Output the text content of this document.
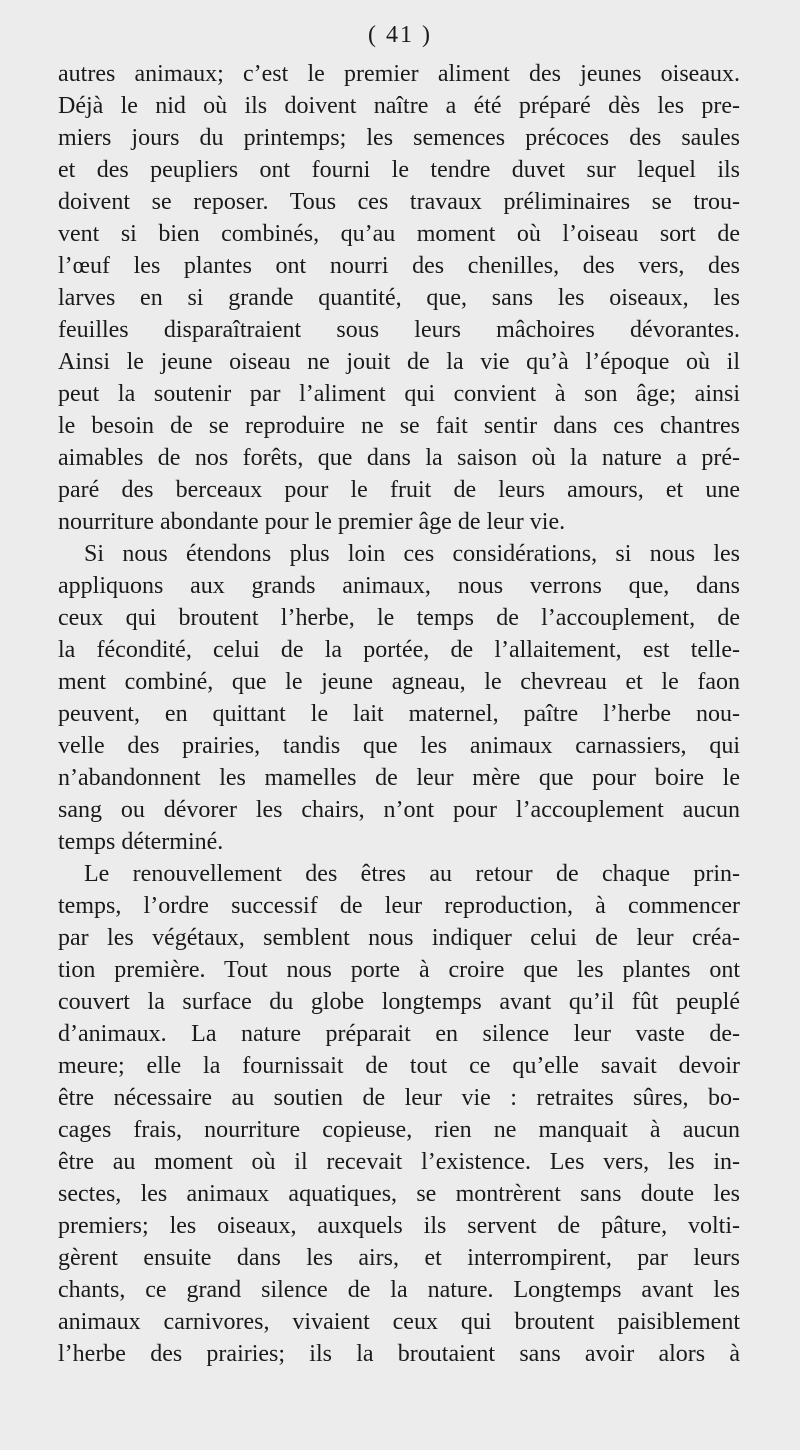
( 41 )
autres animaux; c’est le premier aliment des jeunes oiseaux.
Déjà le nid où ils doivent naître a été préparé dès les pre-
miers jours du printemps; les semences précoces des saules
et des peupliers ont fourni le tendre duvet sur lequel ils
doivent se reposer. Tous ces travaux préliminaires se trou-
vent si bien combinés, qu’au moment où l’oiseau sort de
l’œuf les plantes ont nourri des chenilles, des vers, des
larves en si grande quantité, que, sans les oiseaux, les
feuilles disparaîtraient sous leurs mâchoires dévorantes.
Ainsi le jeune oiseau ne jouit de la vie qu’à l’époque où il
peut la soutenir par l’aliment qui convient à son âge; ainsi
le besoin de se reproduire ne se fait sentir dans ces chantres
aimables de nos forêts, que dans la saison où la nature a pré-
paré des berceaux pour le fruit de leurs amours, et une
nourriture abondante pour le premier âge de leur vie.
Si nous étendons plus loin ces considérations, si nous les
appliquons aux grands animaux, nous verrons que, dans
ceux qui broutent l’herbe, le temps de l’accouplement, de
la fécondité, celui de la portée, de l’allaitement, est telle-
ment combiné, que le jeune agneau, le chevreau et le faon
peuvent, en quittant le lait maternel, paître l’herbe nou-
velle des prairies, tandis que les animaux carnassiers, qui
n’abandonnent les mamelles de leur mère que pour boire le
sang ou dévorer les chairs, n’ont pour l’accouplement aucun
temps déterminé.
Le renouvellement des êtres au retour de chaque prin-
temps, l’ordre successif de leur reproduction, à commencer
par les végétaux, semblent nous indiquer celui de leur créa-
tion première. Tout nous porte à croire que les plantes ont
couvert la surface du globe longtemps avant qu’il fût peuplé
d’animaux. La nature préparait en silence leur vaste de-
meure; elle la fournissait de tout ce qu’elle savait devoir
être nécessaire au soutien de leur vie : retraites sûres, bo-
cages frais, nourriture copieuse, rien ne manquait à aucun
être au moment où il recevait l’existence. Les vers, les in-
sectes, les animaux aquatiques, se montrèrent sans doute les
premiers; les oiseaux, auxquels ils servent de pâture, volti-
gèrent ensuite dans les airs, et interrompirent, par leurs
chants, ce grand silence de la nature. Longtemps avant les
animaux carnivores, vivaient ceux qui broutent paisiblement
l’herbe des prairies; ils la broutaient sans avoir alors à
